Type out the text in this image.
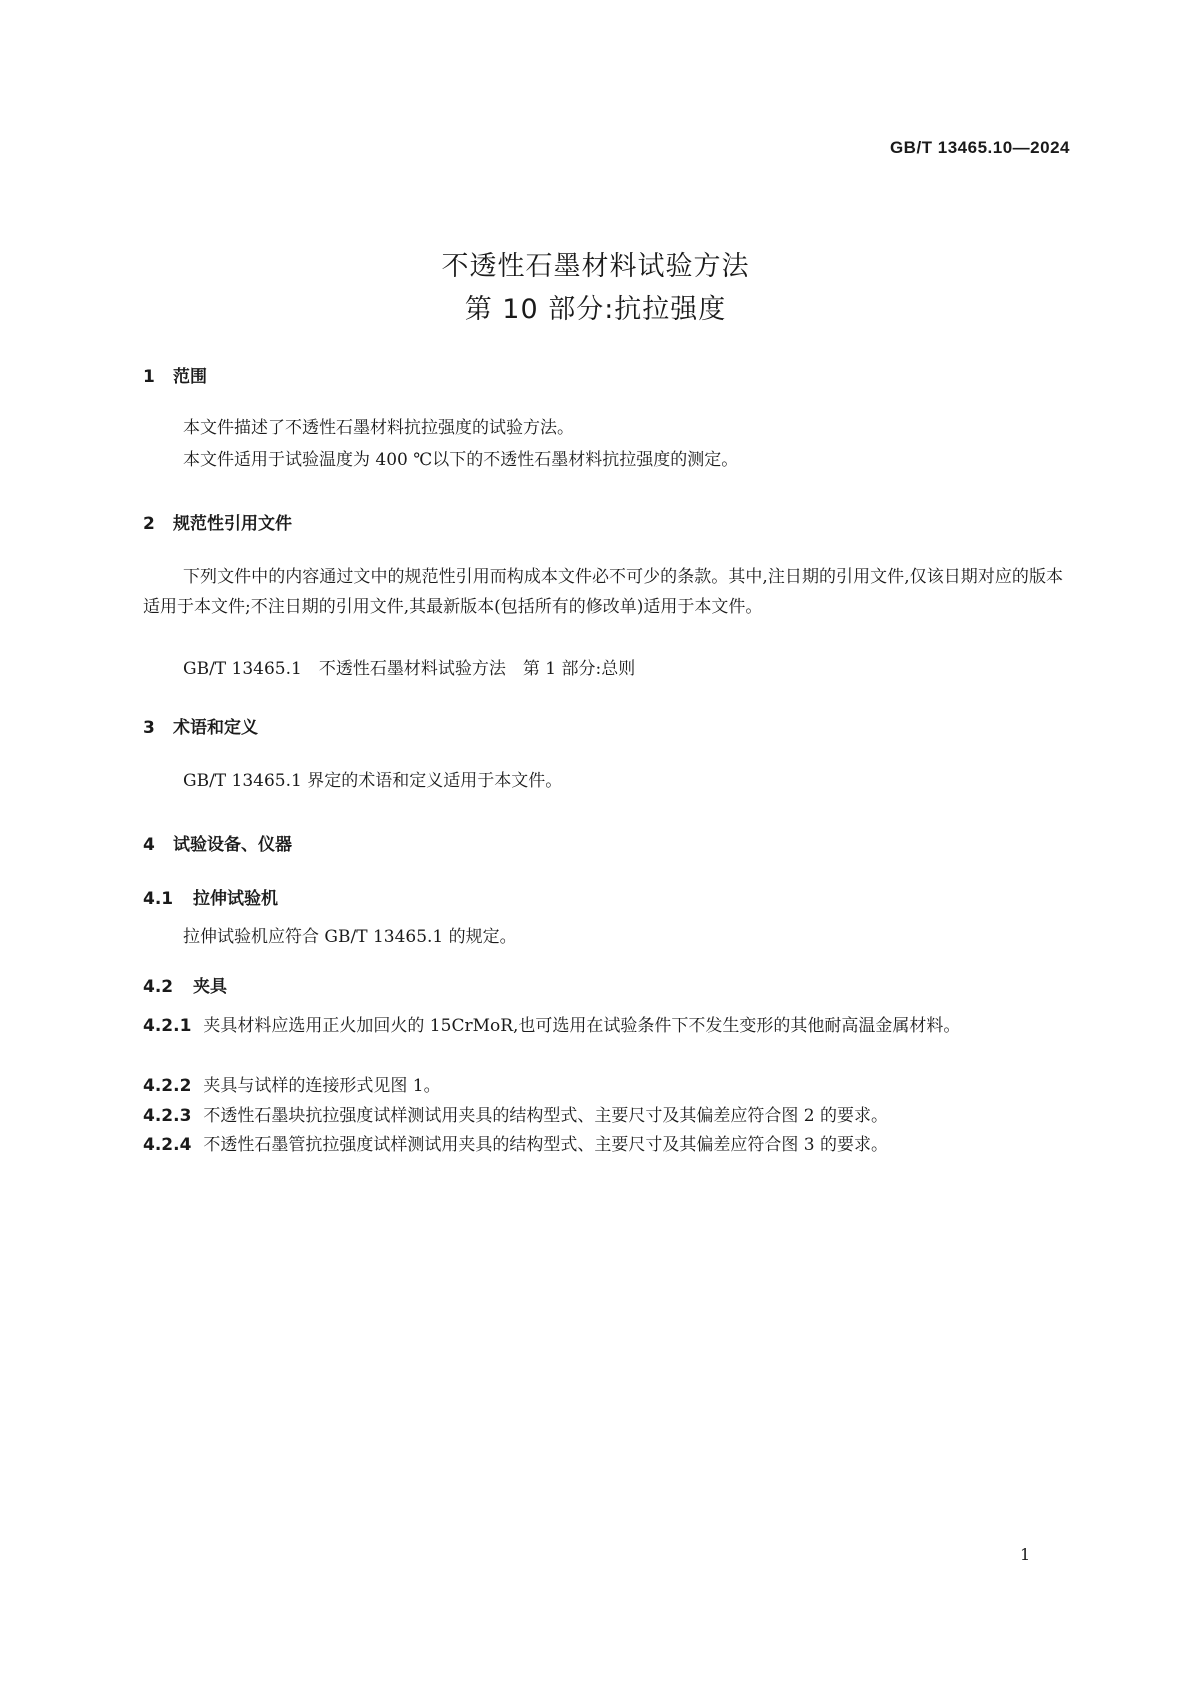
GB/T 13465.10—2024
不透性石墨材料试验方法
第 10 部分:抗拉强度
1 范围
本文件描述了不透性石墨材料抗拉强度的试验方法。
本文件适用于试验温度为 400 ℃以下的不透性石墨材料抗拉强度的测定。
2 规范性引用文件
下列文件中的内容通过文中的规范性引用而构成本文件必不可少的条款。其中,注日期的引用文件,仅该日期对应的版本适用于本文件;不注日期的引用文件,其最新版本(包括所有的修改单)适用于本文件。
GB/T 13465.1　不透性石墨材料试验方法　第 1 部分:总则
3 术语和定义
GB/T 13465.1 界定的术语和定义适用于本文件。
4 试验设备、仪器
4.1 拉伸试验机
拉伸试验机应符合 GB/T 13465.1 的规定。
4.2 夹具
4.2.1 夹具材料应选用正火加回火的 15CrMoR,也可选用在试验条件下不发生变形的其他耐高温金属材料。
4.2.2 夹具与试样的连接形式见图 1。
4.2.3 不透性石墨块抗拉强度试样测试用夹具的结构型式、主要尺寸及其偏差应符合图 2 的要求。
4.2.4 不透性石墨管抗拉强度试样测试用夹具的结构型式、主要尺寸及其偏差应符合图 3 的要求。
1
